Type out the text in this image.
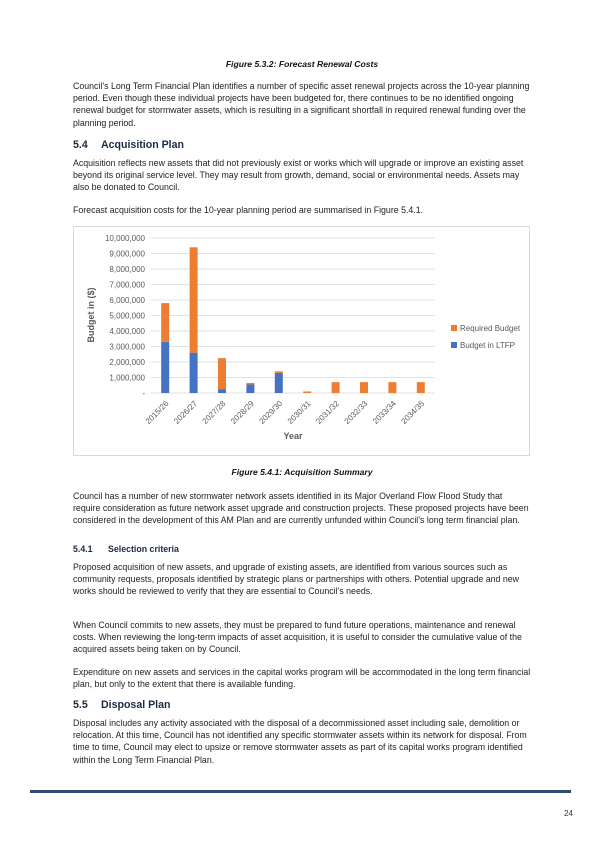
Figure 5.3.2: Forecast Renewal Costs

Council’s Long Term Financial Plan identifies a number of specific asset renewal projects across the 10-year planning period. Even though these individual projects have been budgeted for, there continues to be no identified ongoing renewal budget for stormwater assets, which is resulting in a significant shortfall in required renewal funding over the planning period.

5.4 Acquisition Plan

Acquisition reflects new assets that did not previously exist or works which will upgrade or improve an existing asset beyond its original service level. They may result from growth, demand, social or environmental needs. Assets may also be donated to Council.

Forecast acquisition costs for the 10-year planning period are summarised in Figure 5.4.1.

-
1,000,000
2,000,000
3,000,000
4,000,000
5,000,000
6,000,000
7,000,000
8,000,000
9,000,000
10,000,000
2015/26 2026/27 2027/28 2028/29 2029/30 2030/31 2031/32 2032/33 2033/34 2034/35
Year
Budget in ($)	Required Budget
Budget in LTFP
Figure 5.4.1: Acquisition Summary

Council has a number of new stormwater network assets identified in its Major Overland Flow Flood Study that require consideration as future network asset upgrade and construction projects. These proposed projects have been considered in the development of this AM Plan and are currently unfunded within Council’s long term financial plan.

5.4.1 Selection criteria

Proposed acquisition of new assets, and upgrade of existing assets, are identified from various sources such as community requests, proposals identified by strategic plans or partnerships with others. Potential upgrade and new works should be reviewed to verify that they are essential to Council’s needs.

When Council commits to new assets, they must be prepared to fund future operations, maintenance and renewal costs. When reviewing the long-term impacts of asset acquisition, it is useful to consider the cumulative value of the acquired assets being taken on by Council.

Expenditure on new assets and services in the capital works program will be accommodated in the long term financial plan, but only to the extent that there is available funding.

5.5 Disposal Plan

Disposal includes any activity associated with the disposal of a decommissioned asset including sale, demolition or relocation. At this time, Council has not identified any specific stormwater assets within its network for disposal. From time to time, Council may elect to upsize or remove stormwater assets as part of its capital works program identified within the Long Term Financial Plan.

24
